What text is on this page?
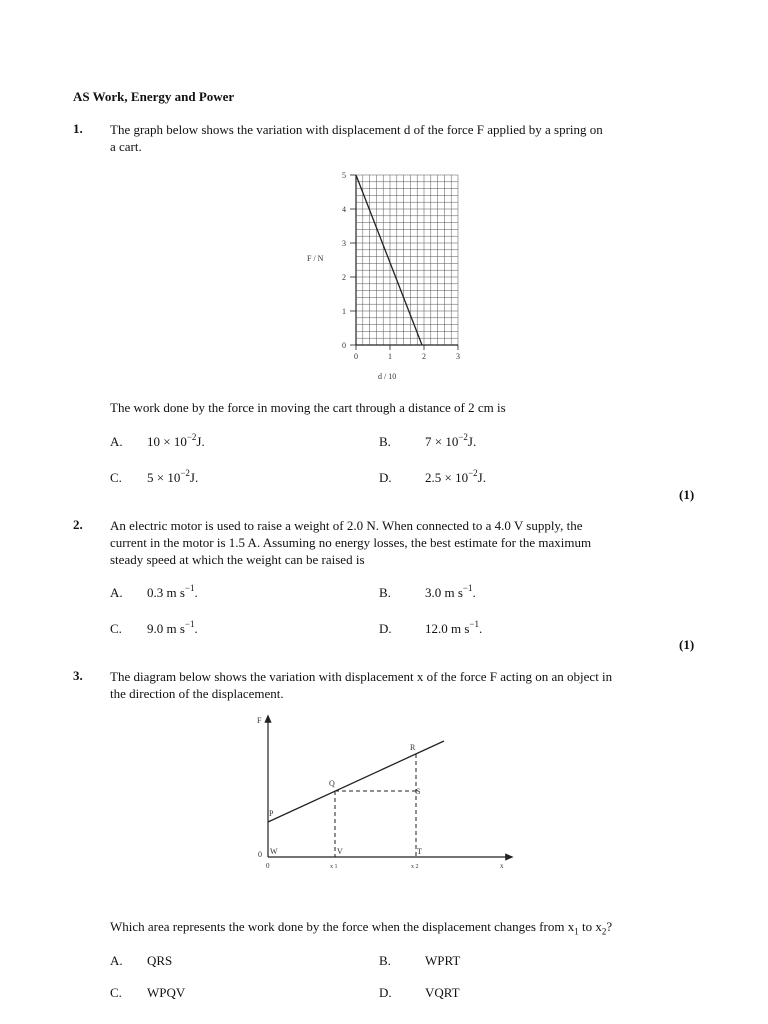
AS Work, Energy and Power
1. The graph below shows the variation with displacement d of the force F applied by a spring on
a cart.
5
4
3
2
1
0
0	1	2	3
F / N
d / 10
The work done by the force in moving the cart through a distance of 2 cm is
A. $10 \times 10^{-2}J$.	B.	$7 \times 10^{-2}J$.
C. $5 \times 10^{-2}J$.	D.	$2.5 \times 10^{-2}J$.
(1)
2. An electric motor is used to raise a weight of 2.0 N. When connected to a 4.0 V supply, the
current in the motor is 1.5 A. Assuming no energy losses, the best estimate for the maximum
steady speed at which the weight can be raised is
A. 0.3 m $s^{-1}$.	B.	3.0 m $s^{-1}$.
C. 9.0 m $s^{-1}$.	D.	12.0 m $s^{-1}$.
(1)
3. The diagram below shows the variation with displacement x of the force F acting on an object in
the direction of the displacement.
F
x
0
0
P
Q
R
S
T
V
W
x 1	x 2
Which area represents the work done by the force when the displacement changes from $x_1$ to $x_2$?
A. QRS	B.	WPRT
C. WPQV	D.	VQRT
